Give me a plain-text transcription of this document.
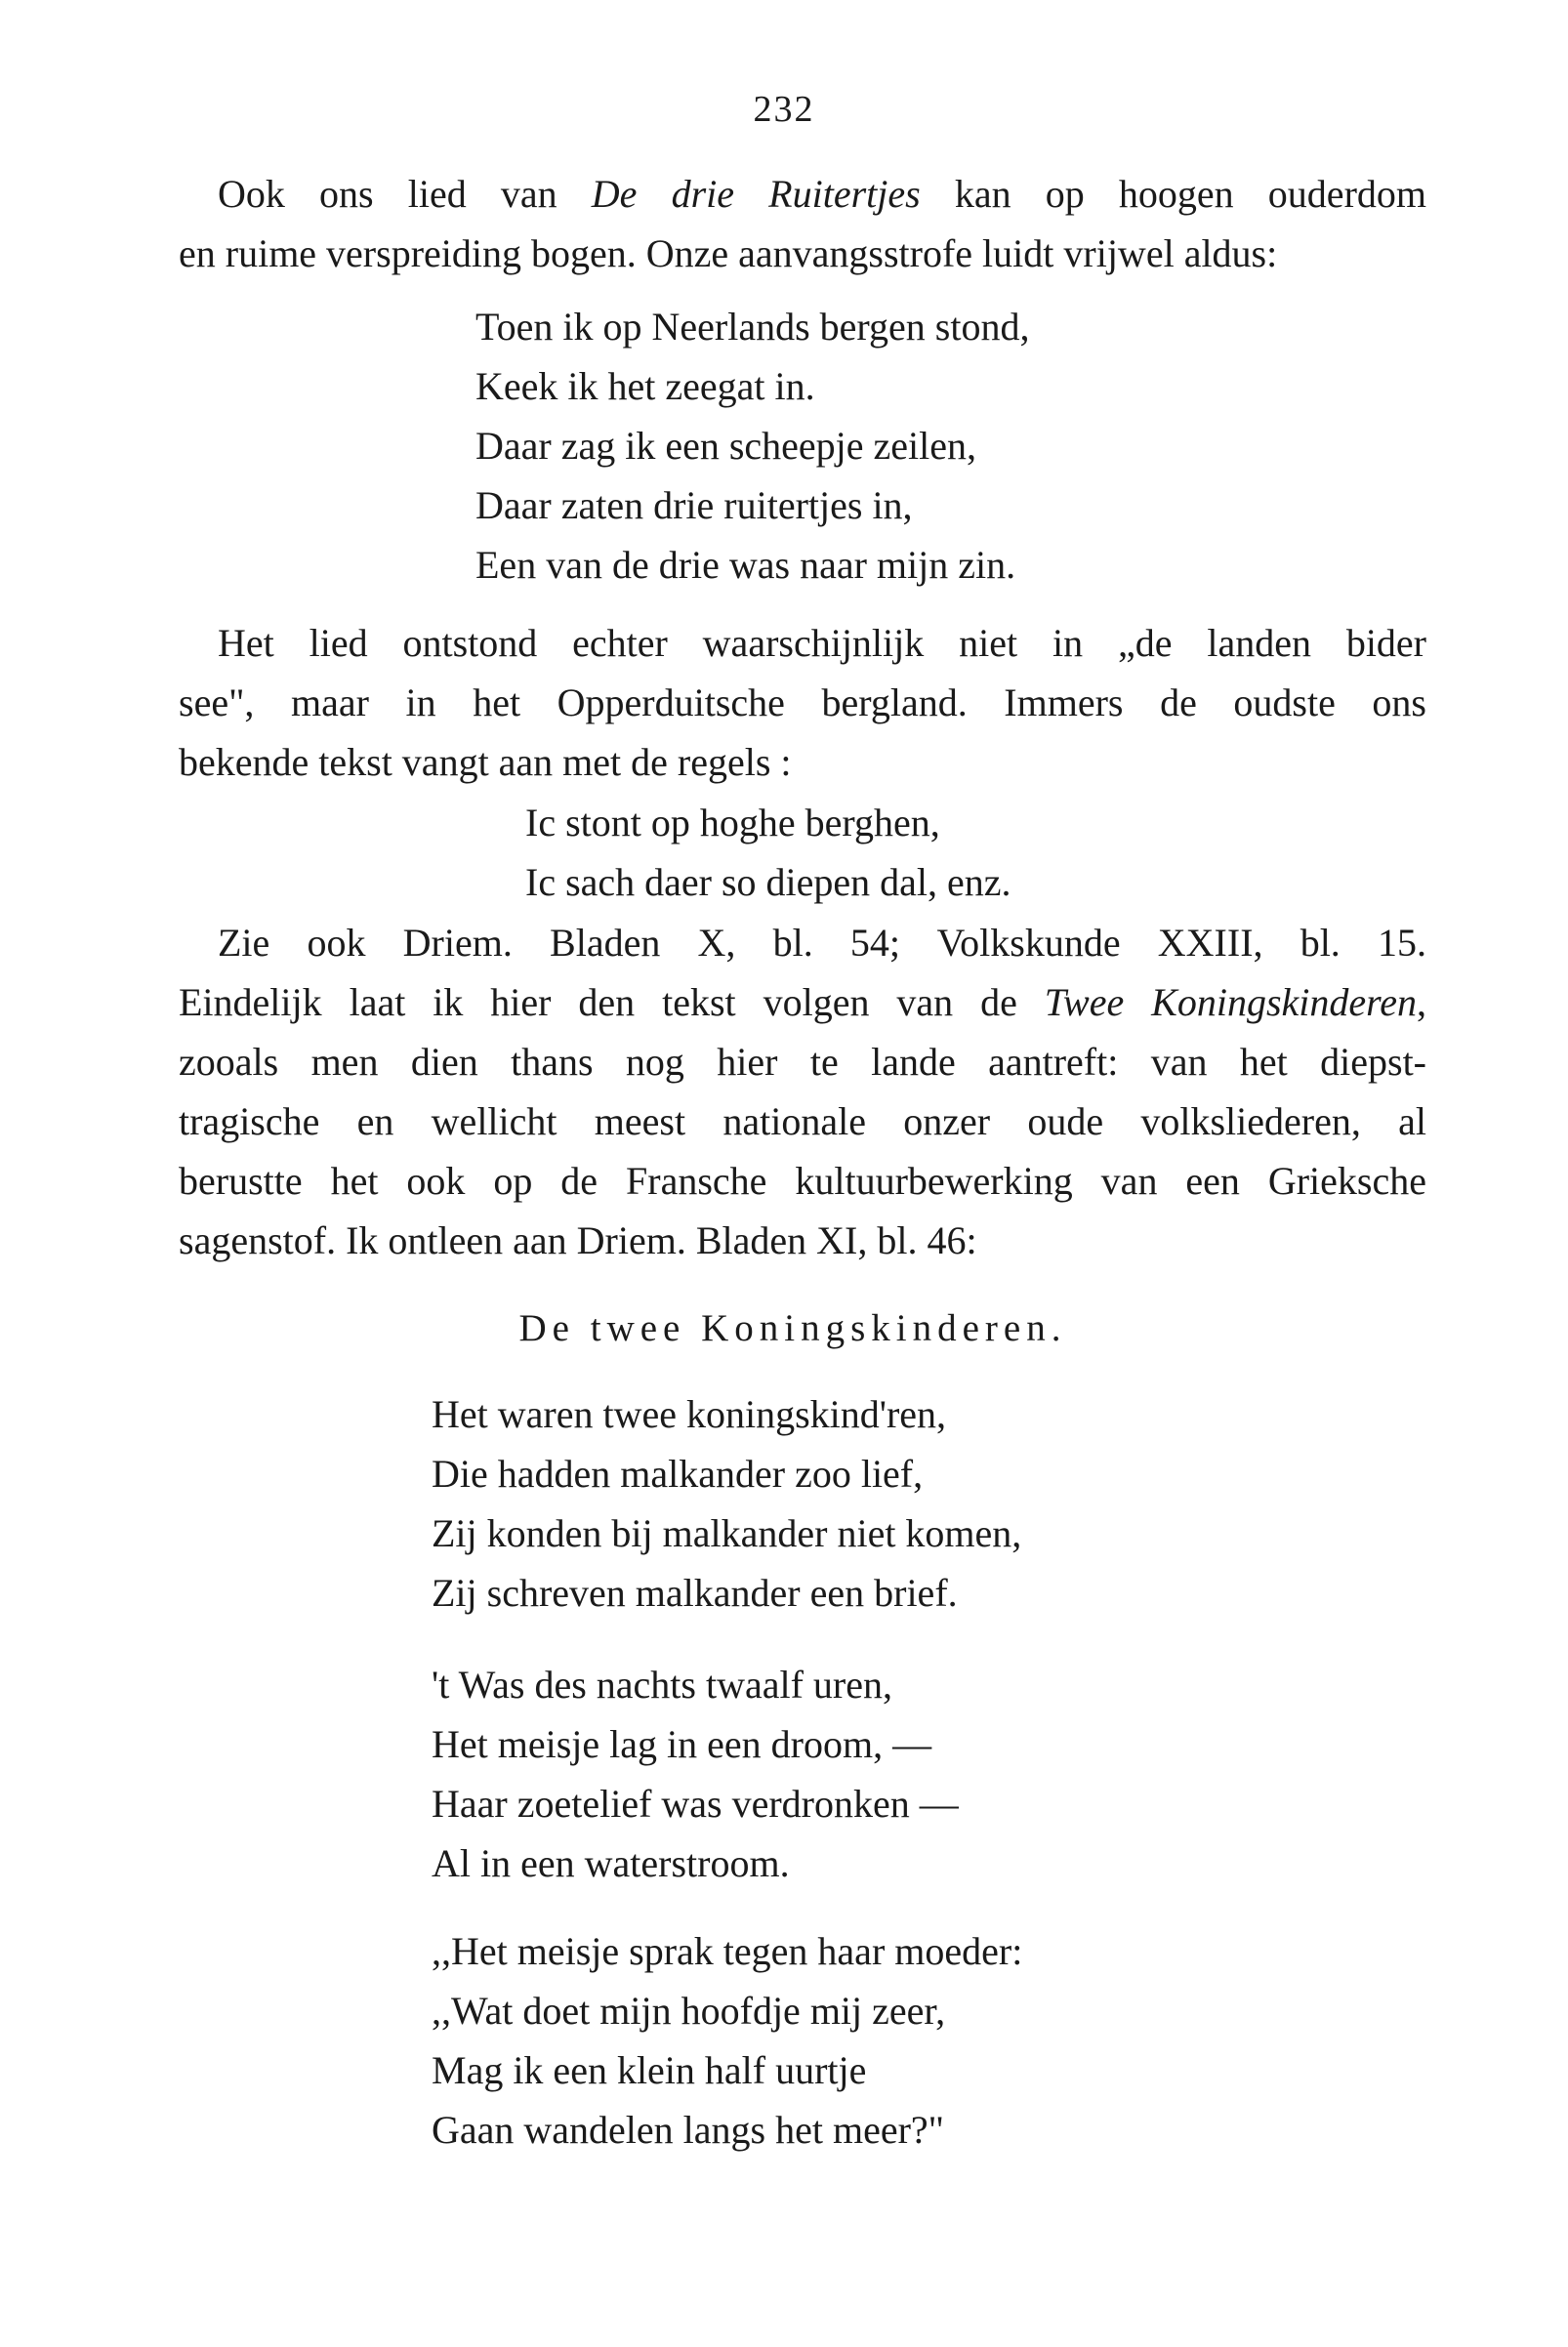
232
Ook ons lied van De drie Ruitertjes kan op hoogen ouderdom
en ruime verspreiding bogen. Onze aanvangsstrofe luidt vrijwel aldus:
Toen ik op Neerlands bergen stond,
Keek ik het zeegat in.
Daar zag ik een scheepje zeilen,
Daar zaten drie ruitertjes in,
Een van de drie was naar mijn zin.
Het lied ontstond echter waarschijnlijk niet in „de landen bider
see", maar in het Opperduitsche bergland. Immers de oudste ons
bekende tekst vangt aan met de regels :
Ic stont op hoghe berghen,
Ic sach daer so diepen dal, enz.
Zie ook Driem. Bladen X, bl. 54; Volkskunde XXIII, bl. 15.
Eindelijk laat ik hier den tekst volgen van de Twee Koningskinderen,
zooals men dien thans nog hier te lande aantreft: van het diepst-
tragische en wellicht meest nationale onzer oude volksliederen, al
berustte het ook op de Fransche kultuurbewerking van een Grieksche
sagenstof. Ik ontleen aan Driem. Bladen XI, bl. 46:
De twee Koningskinderen.
Het waren twee koningskind'ren,
Die hadden malkander zoo lief,
Zij konden bij malkander niet komen,
Zij schreven malkander een brief.
't Was des nachts twaalf uren,
Het meisje lag in een droom, —
Haar zoetelief was verdronken —
Al in een waterstroom.
,,Het meisje sprak tegen haar moeder:
,,Wat doet mijn hoofdje mij zeer,
Mag ik een klein half uurtje
Gaan wandelen langs het meer?"
